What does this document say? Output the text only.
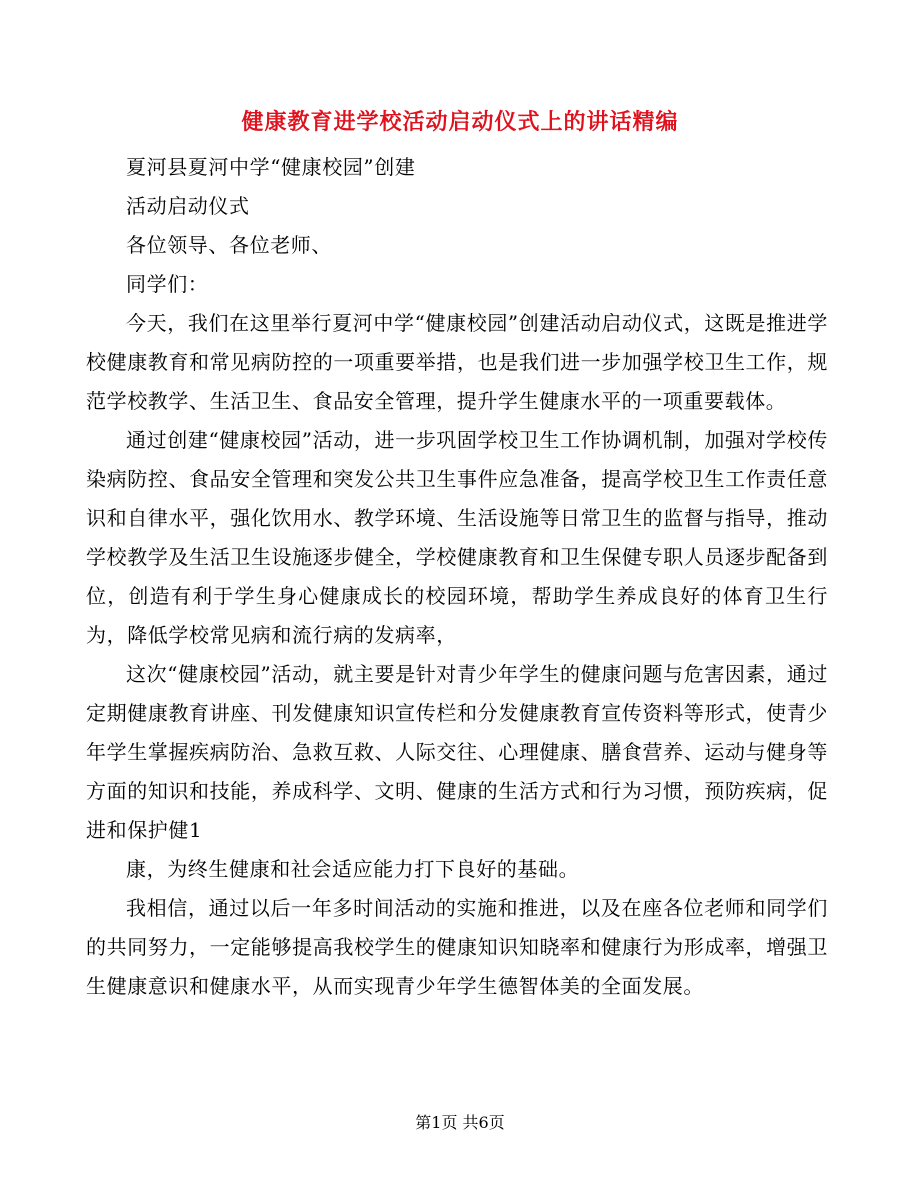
健康教育进学校活动启动仪式上的讲话精编

夏河县夏河中学“健康校园”创建

活动启动仪式

各位领导、各位老师、

同学们：

今天，我们在这里举行夏河中学“健康校园”创建活动启动仪式，这既是推进学校健康教育和常见病防控的一项重要举措，也是我们进一步加强学校卫生工作，规范学校教学、生活卫生、食品安全管理，提升学生健康水平的一项重要载体。

通过创建“健康校园”活动，进一步巩固学校卫生工作协调机制，加强对学校传染病防控、食品安全管理和突发公共卫生事件应急准备，提高学校卫生工作责任意识和自律水平，强化饮用水、教学环境、生活设施等日常卫生的监督与指导，推动学校教学及生活卫生设施逐步健全，学校健康教育和卫生保健专职人员逐步配备到位，创造有利于学生身心健康成长的校园环境，帮助学生养成良好的体育卫生行为，降低学校常见病和流行病的发病率，

这次“健康校园”活动，就主要是针对青少年学生的健康问题与危害因素，通过定期健康教育讲座、刊发健康知识宣传栏和分发健康教育宣传资料等形式，使青少年学生掌握疾病防治、急救互救、人际交往、心理健康、膳食营养、运动与健身等方面的知识和技能，养成科学、文明、健康的生活方式和行为习惯，预防疾病，促进和保护健1

康，为终生健康和社会适应能力打下良好的基础。

我相信，通过以后一年多时间活动的实施和推进，以及在座各位老师和同学们的共同努力，一定能够提高我校学生的健康知识知晓率和健康行为形成率，增强卫生健康意识和健康水平，从而实现青少年学生德智体美的全面发展。

第1页 共6页
